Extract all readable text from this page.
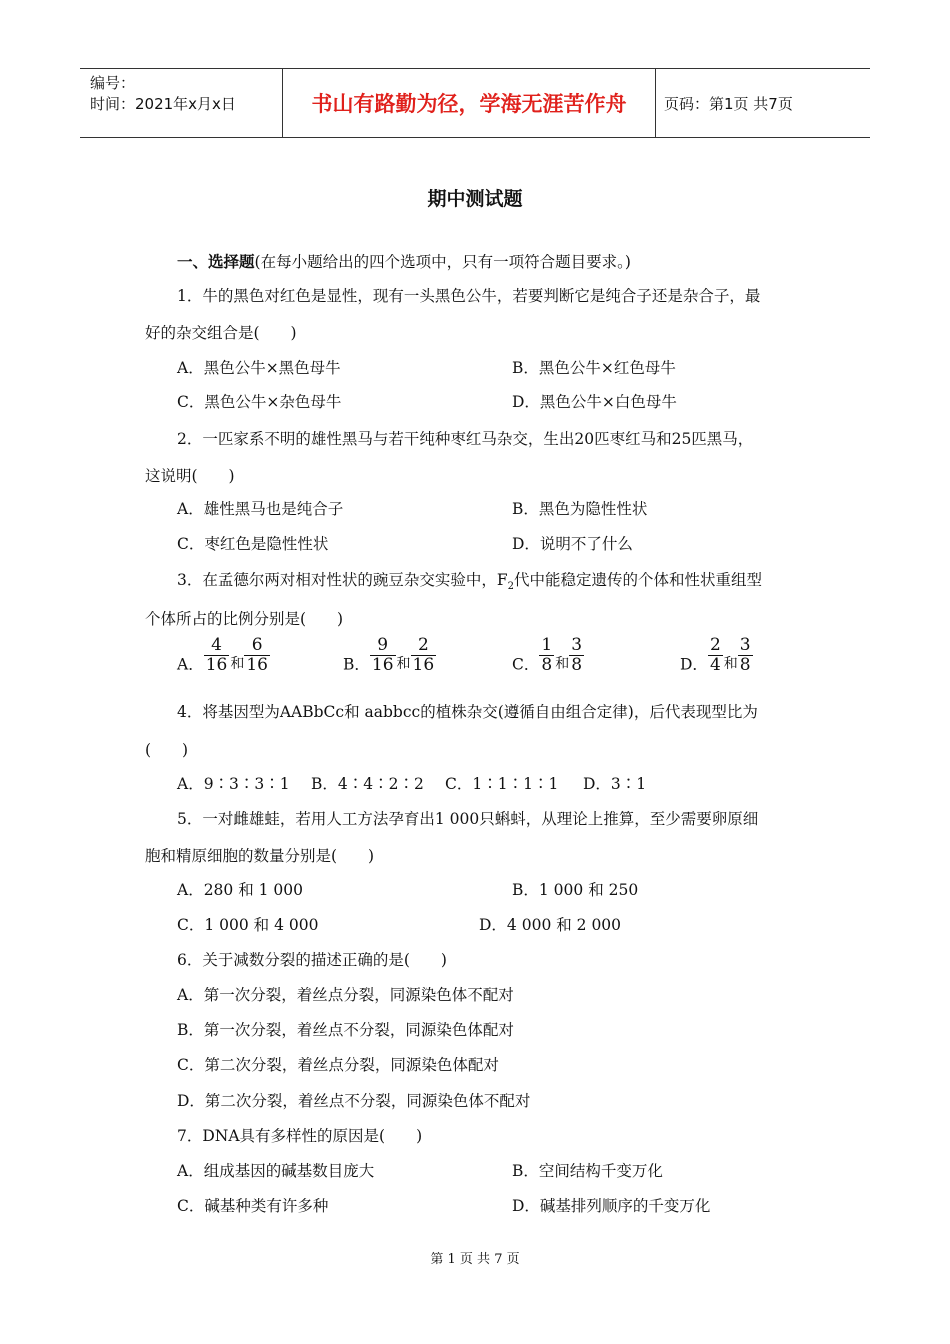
编号：
时间：2021年x月x日	书山有路勤为径，学海无涯苦作舟	页码：第1页 共7页
期中测试题
一、选择题(在每小题给出的四个选项中，只有一项符合题目要求。)
1．牛的黑色对红色是显性，现有一头黑色公牛，若要判断它是纯合子还是杂合子，最
好的杂交组合是(　　)
A．黑色公牛×黑色母牛	B．黑色公牛×红色母牛
C．黑色公牛×杂色母牛	D．黑色公牛×白色母牛
2．一匹家系不明的雄性黑马与若干纯种枣红马杂交，生出20匹枣红马和25匹黑马，
这说明(　　)
A．雄性黑马也是纯合子	B．黑色为隐性性状
C．枣红色是隐性性状	D．说明不了什么
3．在孟德尔两对相对性状的豌豆杂交实验中，$F_2$代中能稳定遗传的个体和性状重组型
个体所占的比例分别是(　　)
A． $\frac{4}{16}$ 和 $\frac{6}{16}$	B． $\frac{9}{16}$ 和 $\frac{2}{16}$	C． $\frac{1}{8}$ 和 $\frac{3}{8}$	D． $\frac{2}{4}$ 和 $\frac{3}{8}$
4．将基因型为AABbCc和 aabbcc的植株杂交(遵循自由组合定律)，后代表现型比为
(　　)
A．9∶3∶3∶1 B．4∶4∶2∶2 C．1∶1∶1∶1 D．3∶1
5．一对雌雄蛙，若用人工方法孕育出1 000只蝌蚪，从理论上推算，至少需要卵原细
胞和精原细胞的数量分别是(　　)
A．280 和 1 000	B．1 000 和 250
C．1 000 和 4 000	D．4 000 和 2 000
6．关于减数分裂的描述正确的是(　　)
A．第一次分裂，着丝点分裂，同源染色体不配对
B．第一次分裂，着丝点不分裂，同源染色体配对
C．第二次分裂，着丝点分裂，同源染色体配对
D．第二次分裂，着丝点不分裂，同源染色体不配对
7．DNA具有多样性的原因是(　　)
A．组成基因的碱基数目庞大	B．空间结构千变万化
C．碱基种类有许多种	D．碱基排列顺序的千变万化
第 1 页 共 7 页
